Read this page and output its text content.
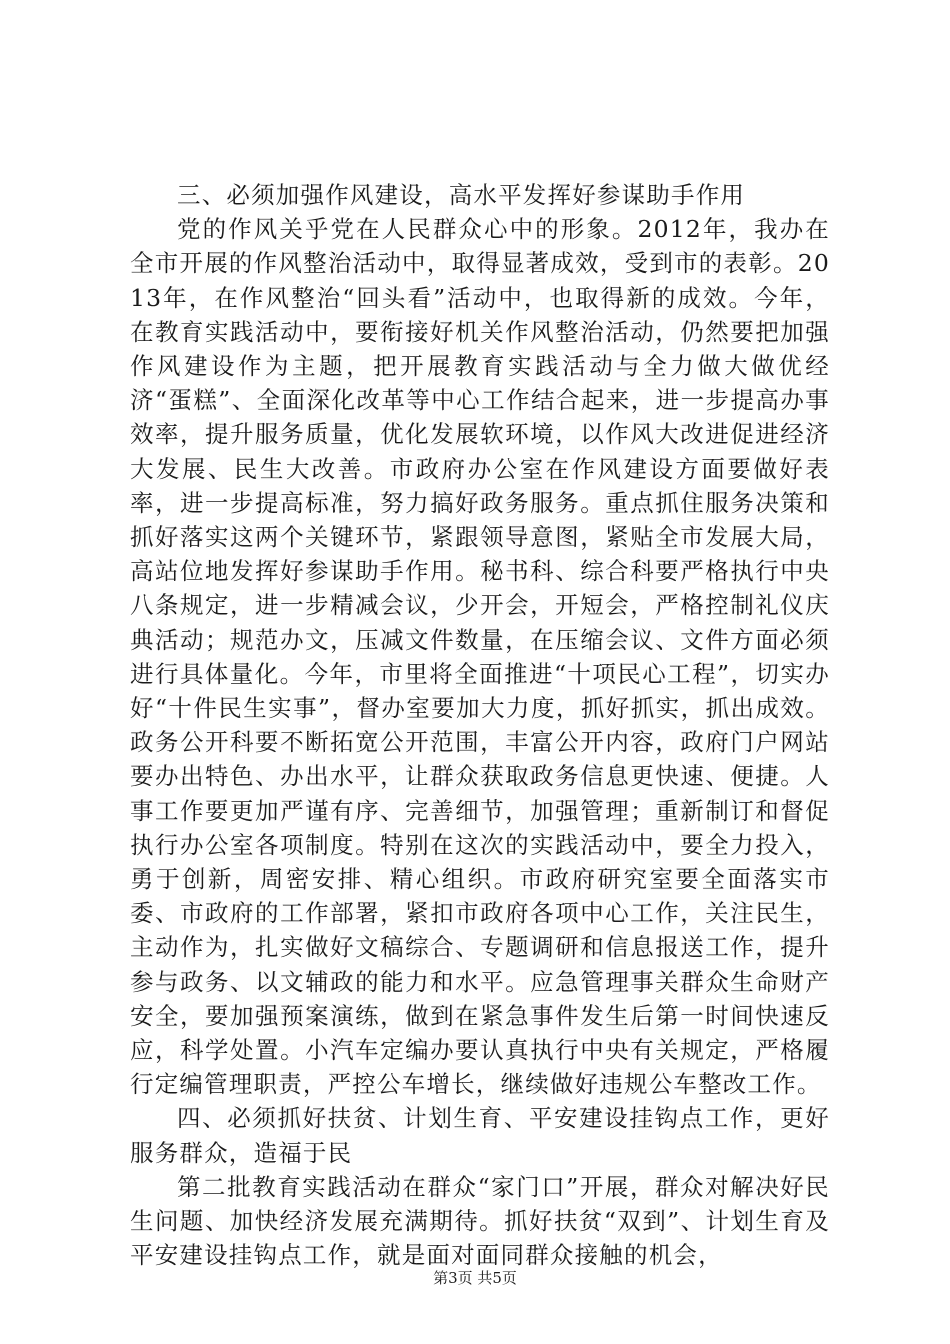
三、必须加强作风建设，高水平发挥好参谋助手作用

党的作风关乎党在人民群众心中的形象。2012年，我办在全市开展的作风整治活动中，取得显著成效，受到市的表彰。2013年，在作风整治“回头看”活动中，也取得新的成效。今年，在教育实践活动中，要衔接好机关作风整治活动，仍然要把加强作风建设作为主题，把开展教育实践活动与全力做大做优经济“蛋糕”、全面深化改革等中心工作结合起来，进一步提高办事效率，提升服务质量，优化发展软环境，以作风大改进促进经济大发展、民生大改善。市政府办公室在作风建设方面要做好表率，进一步提高标准，努力搞好政务服务。重点抓住服务决策和抓好落实这两个关键环节，紧跟领导意图，紧贴全市发展大局，高站位地发挥好参谋助手作用。秘书科、综合科要严格执行中央八条规定，进一步精减会议，少开会，开短会，严格控制礼仪庆典活动；规范办文，压减文件数量，在压缩会议、文件方面必须进行具体量化。今年，市里将全面推进“十项民心工程”，切实办好“十件民生实事”，督办室要加大力度，抓好抓实，抓出成效。政务公开科要不断拓宽公开范围，丰富公开内容，政府门户网站要办出特色、办出水平，让群众获取政务信息更快速、便捷。人事工作要更加严谨有序、完善细节，加强管理；重新制订和督促执行办公室各项制度。特别在这次的实践活动中，要全力投入，勇于创新，周密安排、精心组织。市政府研究室要全面落实市委、市政府的工作部署，紧扣市政府各项中心工作，关注民生，主动作为，扎实做好文稿综合、专题调研和信息报送工作，提升参与政务、以文辅政的能力和水平。应急管理事关群众生命财产安全，要加强预案演练，做到在紧急事件发生后第一时间快速反应，科学处置。小汽车定编办要认真执行中央有关规定，严格履行定编管理职责，严控公车增长，继续做好违规公车整改工作。

四、必须抓好扶贫、计划生育、平安建设挂钩点工作，更好服务群众，造福于民

第二批教育实践活动在群众“家门口”开展，群众对解决好民生问题、加快经济发展充满期待。抓好扶贫“双到”、计划生育及平安建设挂钩点工作，就是面对面同群众接触的机会，

第3页 共5页
